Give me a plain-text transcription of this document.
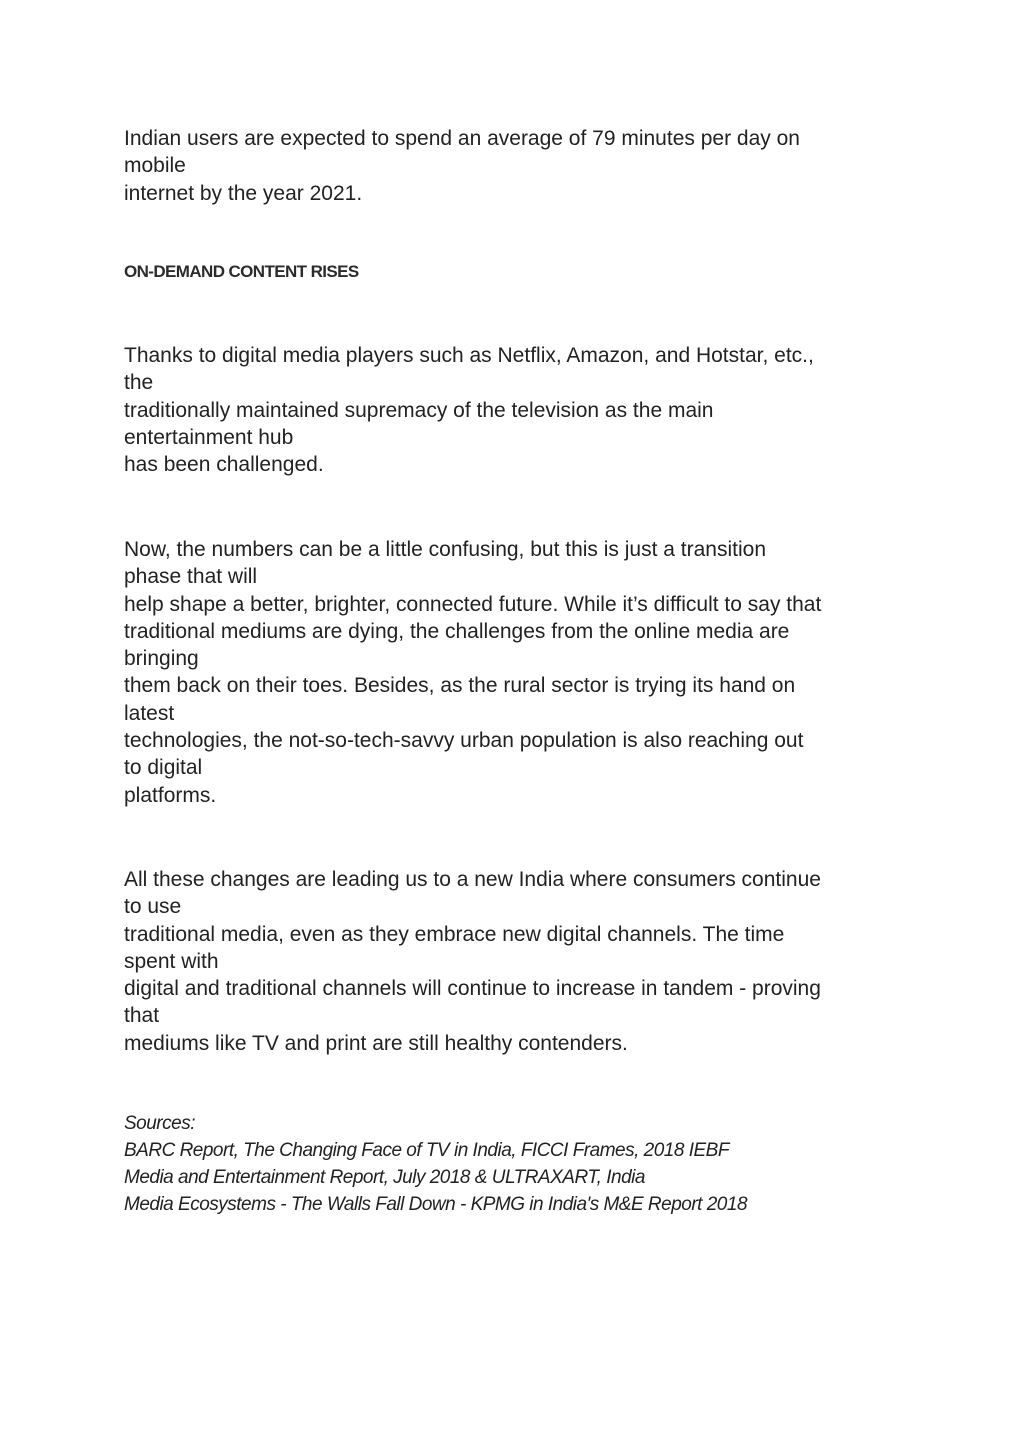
Indian users are expected to spend an average of 79 minutes per day on
mobile
internet by the year 2021.

ON-DEMAND CONTENT RISES

Thanks to digital media players such as Netflix, Amazon, and Hotstar, etc.,
the
traditionally maintained supremacy of the television as the main
entertainment hub
has been challenged.

Now, the numbers can be a little confusing, but this is just a transition
phase that will
help shape a better, brighter, connected future. While it’s difficult to say that
traditional mediums are dying, the challenges from the online media are
bringing
them back on their toes. Besides, as the rural sector is trying its hand on
latest
technologies, the not-so-tech-savvy urban population is also reaching out
to digital
platforms.

All these changes are leading us to a new India where consumers continue
to use
traditional media, even as they embrace new digital channels. The time
spent with
digital and traditional channels will continue to increase in tandem - proving
that
mediums like TV and print are still healthy contenders.

Sources:
BARC Report, The Changing Face of TV in India, FICCI Frames, 2018 IEBF
Media and Entertainment Report, July 2018 & ULTRAXART, India
Media Ecosystems - The Walls Fall Down - KPMG in India's M&E Report 2018
